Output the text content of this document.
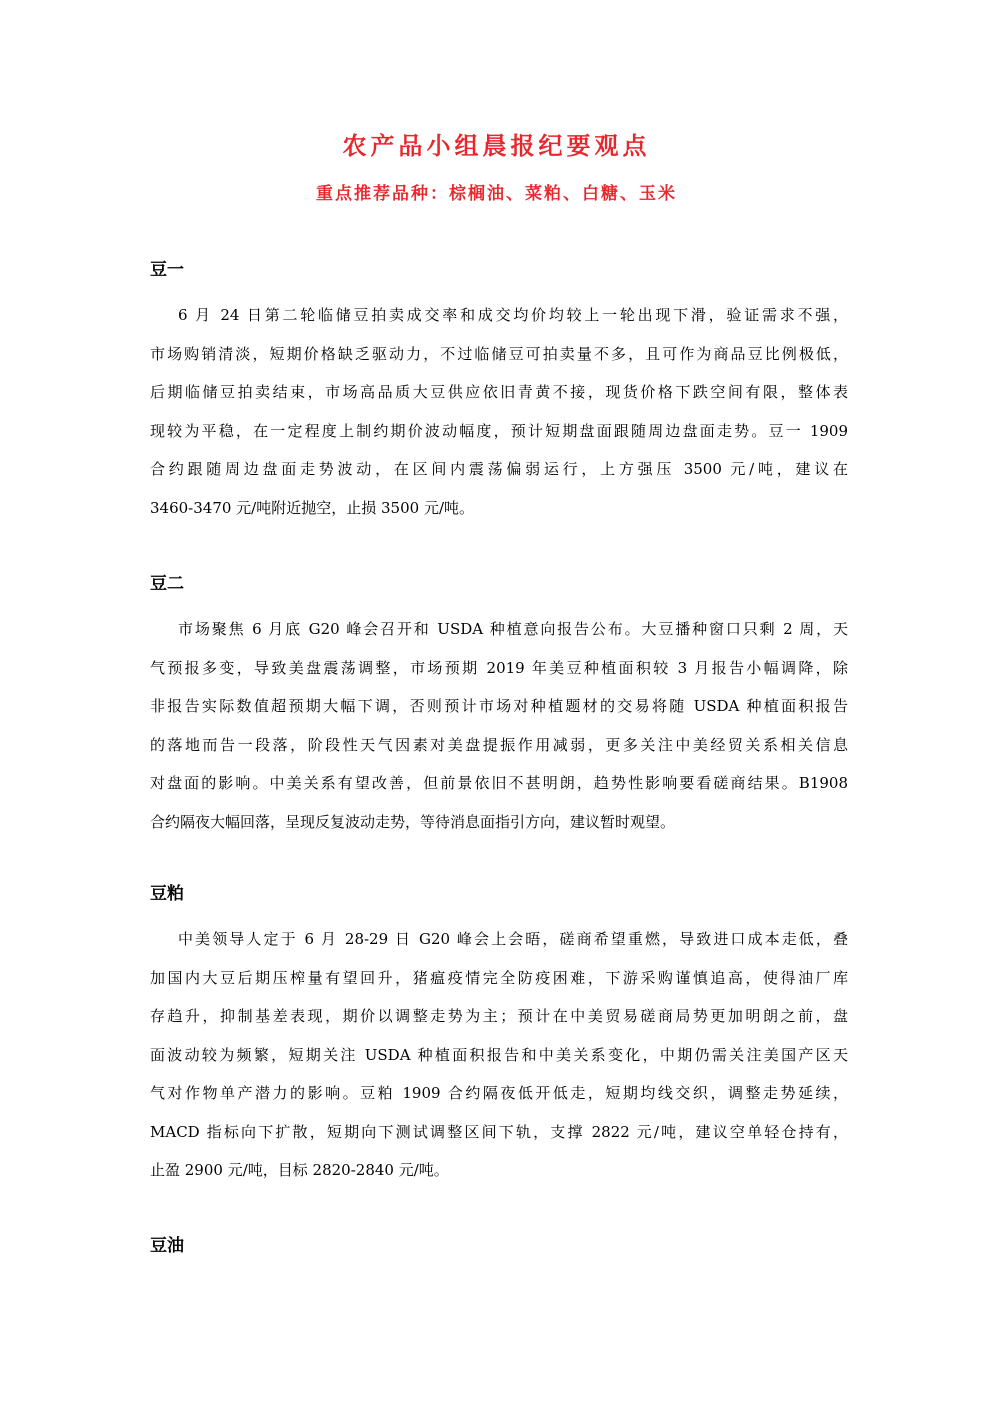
农产品小组晨报纪要观点
重点推荐品种：棕榈油、菜粕、白糖、玉米
豆一
6 月 24 日第二轮临储豆拍卖成交率和成交均价均较上一轮出现下滑，验证需求不强，
市场购销清淡，短期价格缺乏驱动力，不过临储豆可拍卖量不多，且可作为商品豆比例极低，
后期临储豆拍卖结束，市场高品质大豆供应依旧青黄不接，现货价格下跌空间有限，整体表
现较为平稳，在一定程度上制约期价波动幅度，预计短期盘面跟随周边盘面走势。豆一 1909
合约跟随周边盘面走势波动，在区间内震荡偏弱运行，上方强压 3500 元/吨，建议在
3460-3470 元/吨附近抛空，止损 3500 元/吨。
豆二
市场聚焦 6 月底 G20 峰会召开和 USDA 种植意向报告公布。大豆播种窗口只剩 2 周，天
气预报多变，导致美盘震荡调整，市场预期 2019 年美豆种植面积较 3 月报告小幅调降，除
非报告实际数值超预期大幅下调，否则预计市场对种植题材的交易将随 USDA 种植面积报告
的落地而告一段落，阶段性天气因素对美盘提振作用减弱，更多关注中美经贸关系相关信息
对盘面的影响。中美关系有望改善，但前景依旧不甚明朗，趋势性影响要看磋商结果。B1908
合约隔夜大幅回落，呈现反复波动走势，等待消息面指引方向，建议暂时观望。
豆粕
中美领导人定于 6 月 28-29 日 G20 峰会上会晤，磋商希望重燃，导致进口成本走低，叠
加国内大豆后期压榨量有望回升，猪瘟疫情完全防疫困难，下游采购谨慎追高，使得油厂库
存趋升，抑制基差表现，期价以调整走势为主；预计在中美贸易磋商局势更加明朗之前，盘
面波动较为频繁，短期关注 USDA 种植面积报告和中美关系变化，中期仍需关注美国产区天
气对作物单产潜力的影响。豆粕 1909 合约隔夜低开低走，短期均线交织，调整走势延续，
MACD 指标向下扩散，短期向下测试调整区间下轨，支撑 2822 元/吨，建议空单轻仓持有，
止盈 2900 元/吨，目标 2820-2840 元/吨。
豆油
